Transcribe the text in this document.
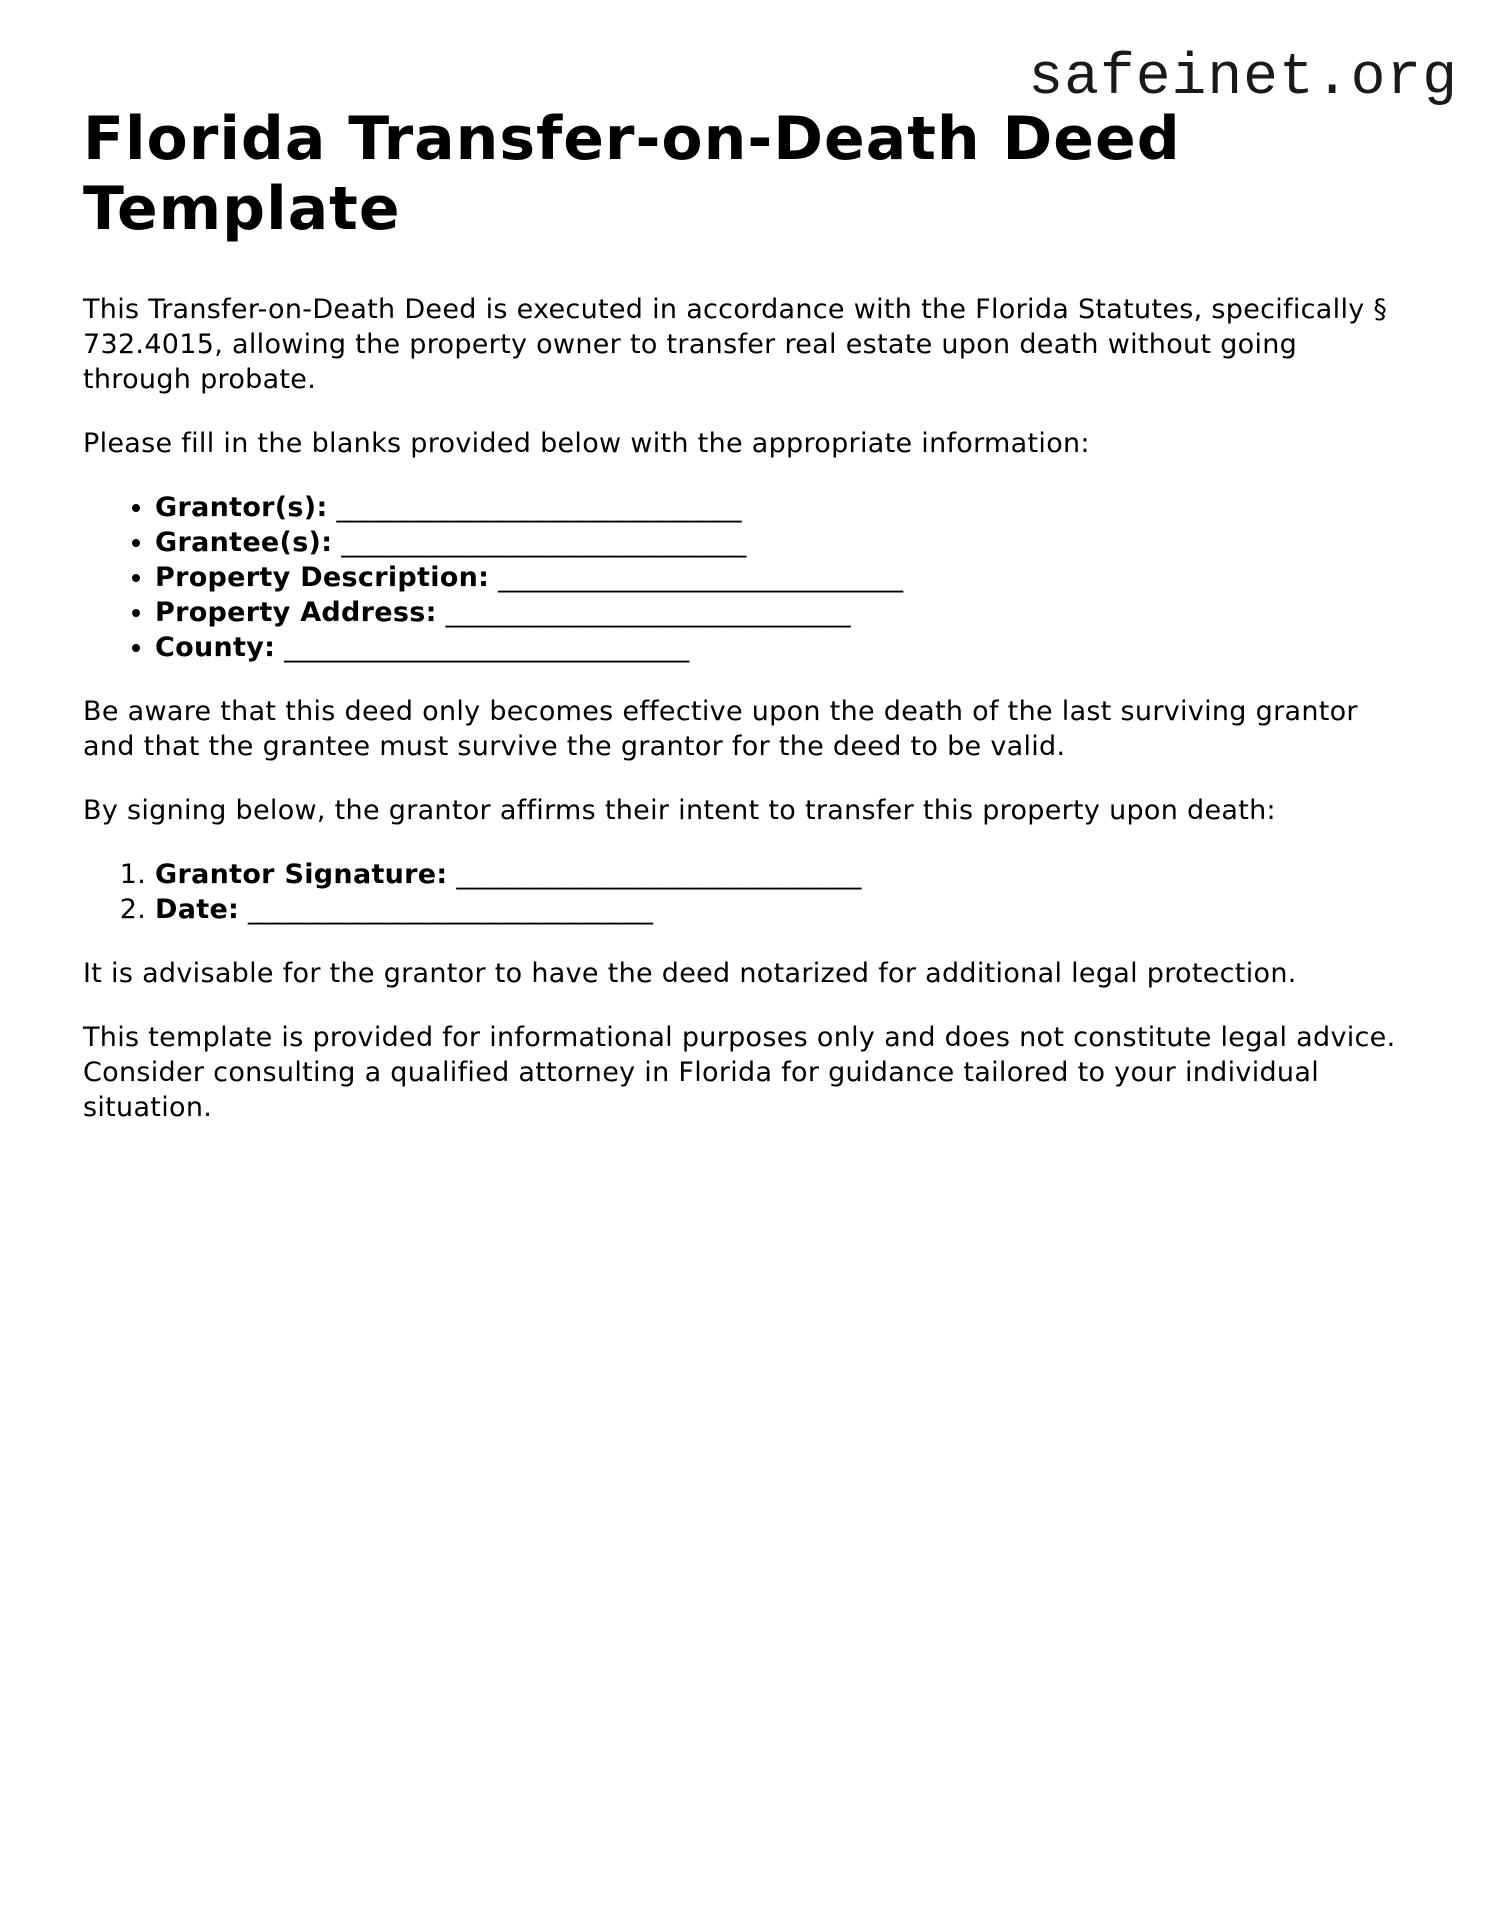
safeinet.org
Florida Transfer-on-Death Deed Template

This Transfer-on-Death Deed is executed in accordance with the Florida Statutes, specifically § 732.4015, allowing the property owner to transfer real estate upon death without going through probate.

Please fill in the blanks provided below with the appropriate information:

• Grantor(s): ______________________________
• Grantee(s): ______________________________
• Property Description: ______________________________
• Property Address: ______________________________
• County: ______________________________

Be aware that this deed only becomes effective upon the death of the last surviving grantor and that the grantee must survive the grantor for the deed to be valid.

By signing below, the grantor affirms their intent to transfer this property upon death:

1. Grantor Signature: ______________________________
2. Date: ______________________________

It is advisable for the grantor to have the deed notarized for additional legal protection.

This template is provided for informational purposes only and does not constitute legal advice. Consider consulting a qualified attorney in Florida for guidance tailored to your individual situation.
